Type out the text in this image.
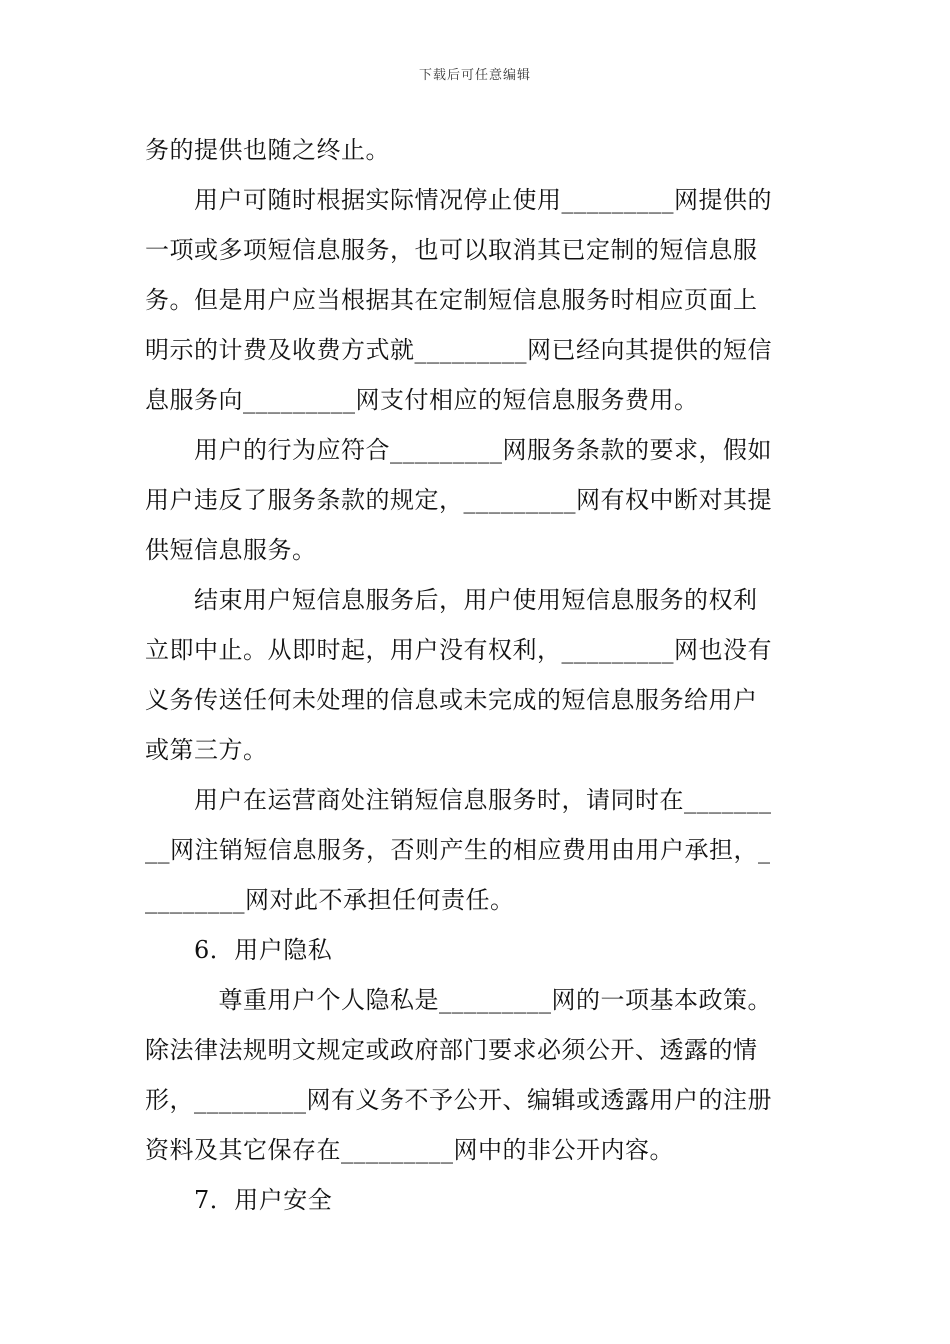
下载后可任意编辑
务的提供也随之终止。
　　用户可随时根据实际情况停止使用_________网提供的
一项或多项短信息服务，也可以取消其已定制的短信息服
务。但是用户应当根据其在定制短信息服务时相应页面上
明示的计费及收费方式就_________网已经向其提供的短信
息服务向_________网支付相应的短信息服务费用。
　　用户的行为应符合_________网服务条款的要求，假如
用户违反了服务条款的规定，_________网有权中断对其提
供短信息服务。
　　结束用户短信息服务后，用户使用短信息服务的权利
立即中止。从即时起，用户没有权利，_________网也没有
义务传送任何未处理的信息或未完成的短信息服务给用户
或第三方。
　　用户在运营商处注销短信息服务时，请同时在_______
__网注销短信息服务，否则产生的相应费用由用户承担，_
________网对此不承担任何责任。
　　6．用户隐私
　　　尊重用户个人隐私是_________网的一项基本政策。
除法律法规明文规定或政府部门要求必须公开、透露的情
形，_________网有义务不予公开、编辑或透露用户的注册
资料及其它保存在_________网中的非公开内容。
　　7．用户安全
